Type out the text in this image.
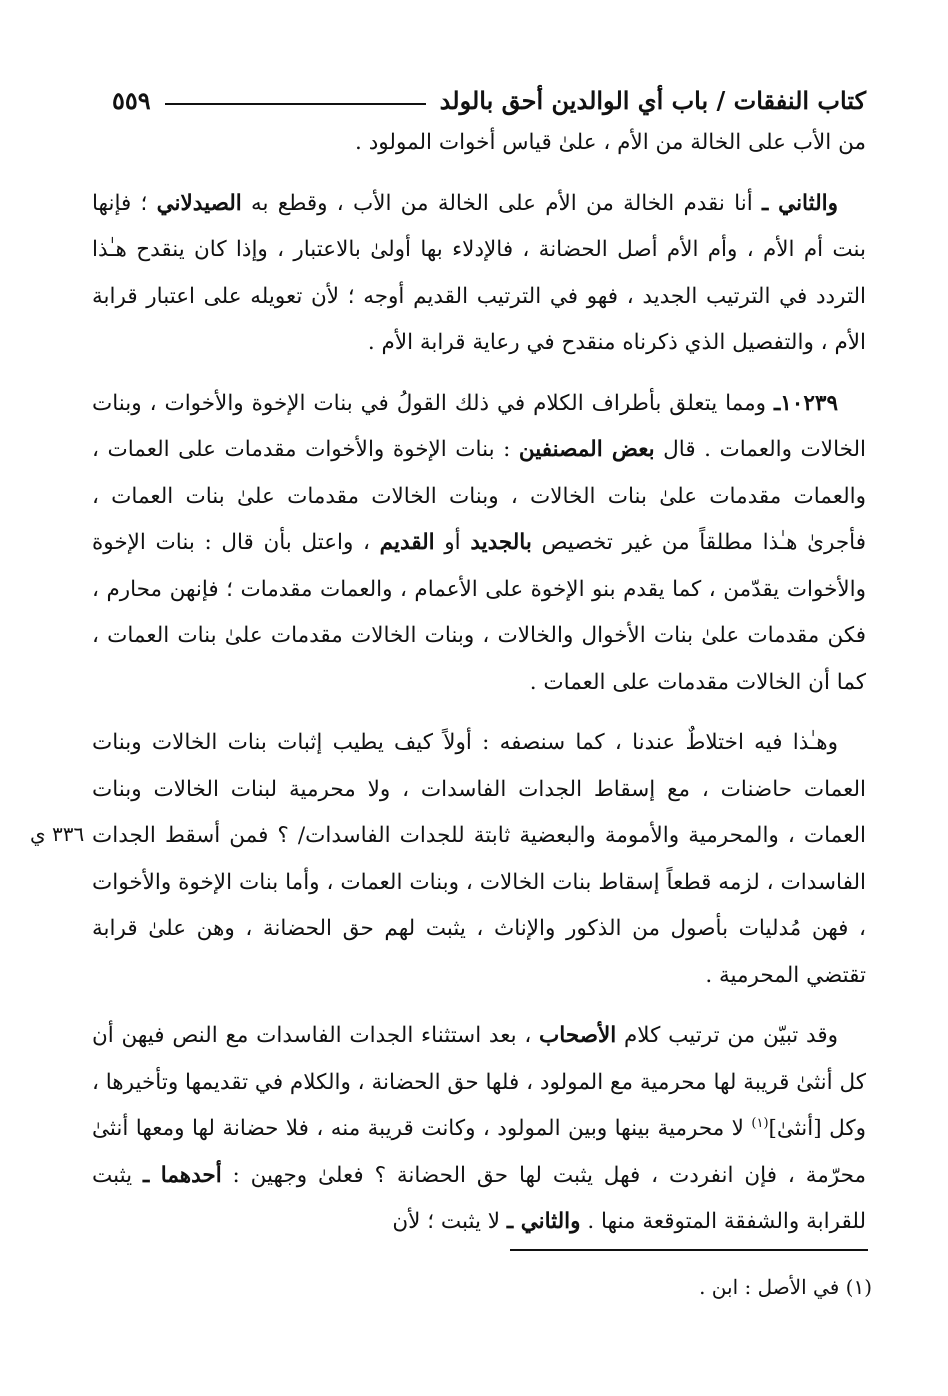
كتاب النفقات / باب أي الوالدين أحق بالولد
٥٥٩

من الأب على الخالة من الأم ، علىٰ قياس أخوات المولود .

والثاني ـ أنا نقدم الخالة من الأم على الخالة من الأب ، وقطع به الصيدلاني ؛ فإنها بنت أم الأم ، وأم الأم أصل الحضانة ، فالإدلاء بها أولىٰ بالاعتبار ، وإذا كان ينقدح هـٰذا التردد في الترتيب الجديد ، فهو في الترتيب القديم أوجه ؛ لأن تعويله على اعتبار قرابة الأم ، والتفصيل الذي ذكرناه منقدح في رعاية قرابة الأم .

١٠٢٣٩ـ ومما يتعلق بأطراف الكلام في ذلك القولُ في بنات الإخوة والأخوات ، وبنات الخالات والعمات . قال بعض المصنفين : بنات الإخوة والأخوات مقدمات على العمات ، والعمات مقدمات علىٰ بنات الخالات ، وبنات الخالات مقدمات علىٰ بنات العمات ، فأجرىٰ هـٰذا مطلقاً من غير تخصيص بالجديد أو القديم ، واعتل بأن قال : بنات الإخوة والأخوات يقدّمن ، كما يقدم بنو الإخوة على الأعمام ، والعمات مقدمات ؛ فإنهن محارم ، فكن مقدمات علىٰ بنات الأخوال والخالات ، وبنات الخالات مقدمات علىٰ بنات العمات ، كما أن الخالات مقدمات على العمات .

وهـٰذا فيه اختلاطٌ عندنا ، كما سنصفه : أولاً كيف يطيب إثبات بنات الخالات وبنات العمات حاضنات ، مع إسقاط الجدات الفاسدات ، ولا محرمية لبنات الخالات وبنات العمات ، والمحرمية والأمومة والبعضية ثابتة للجدات الفاسدات/ ؟ فمن أسقط الجدات الفاسدات ، لزمه قطعاً إسقاط بنات الخالات ، وبنات العمات ، وأما بنات الإخوة والأخوات ، فهن مُدليات بأصول من الذكور والإناث ، يثبت لهم حق الحضانة ، وهن علىٰ قرابة تقتضي المحرمية .

وقد تبيّن من ترتيب كلام الأصحاب ، بعد استثناء الجدات الفاسدات مع النص فيهن أن كل أنثىٰ قريبة لها محرمية مع المولود ، فلها حق الحضانة ، والكلام في تقديمها وتأخيرها ، وكل [أنثىٰ]$^{(١)}$ لا محرمية بينها وبين المولود ، وكانت قريبة منه ، فلا حضانة لها ومعها أنثىٰ محرّمة ، فإن انفردت ، فهل يثبت لها حق الحضانة ؟ فعلىٰ وجهين : أحدهما ـ يثبت للقرابة والشفقة المتوقعة منها . والثاني ـ لا يثبت ؛ لأن

٣٣٦ ي
(١) في الأصل : ابن .
